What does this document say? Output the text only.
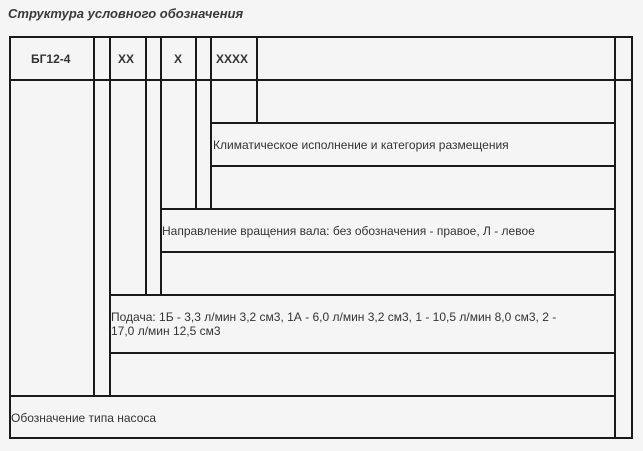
Структура условного обозначения
БГ12-4	ХХ	Х	ХХХХ
Климатическое исполнение и категория размещения
Направление вращения вала: без обозначения - правое, Л - левое
Подача: 1Б - 3,3 л/мин 3,2 см3, 1А - 6,0 л/мин 3,2 см3, 1 - 10,5 л/мин 8,0 см3, 2 -
17,0 л/мин 12,5 см3
Обозначение типа насоса
